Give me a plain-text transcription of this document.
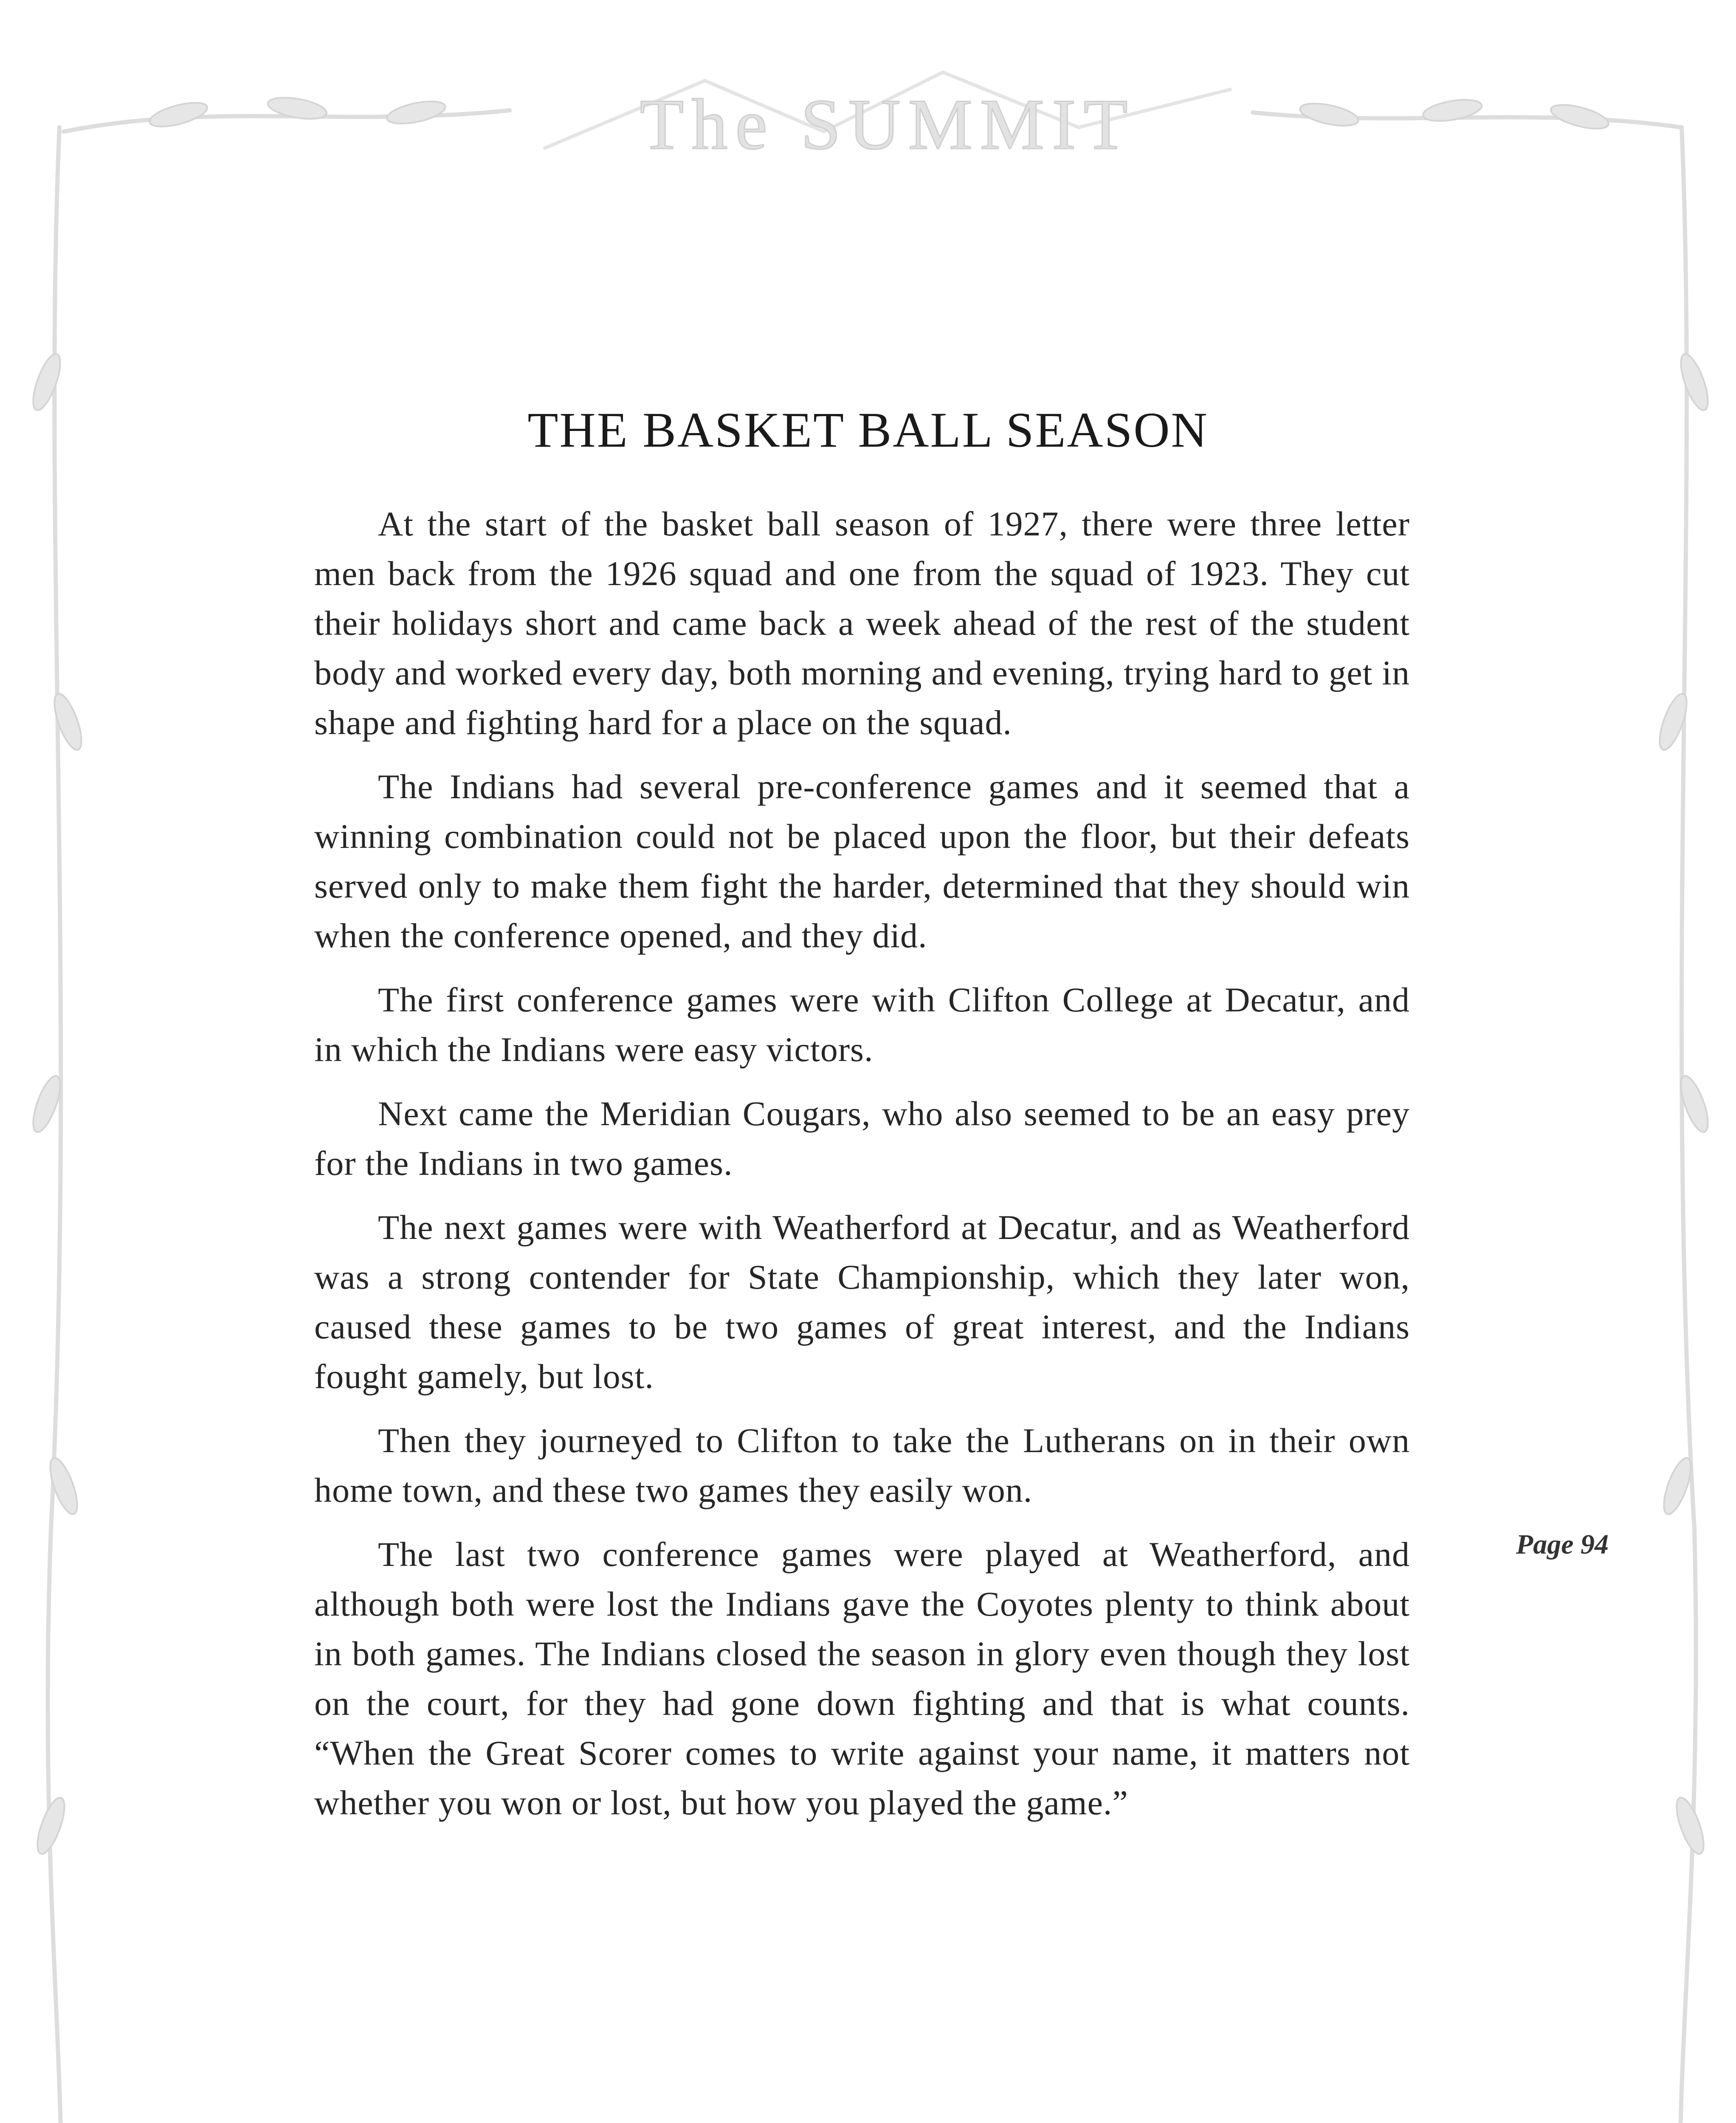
The SUMMIT
THE BASKET BALL SEASON

At the start of the basket ball season of 1927, there were three letter men back from the 1926 squad and one from the squad of 1923. They cut their holidays short and came back a week ahead of the rest of the student body and worked every day, both morning and evening, trying hard to get in shape and fighting hard for a place on the squad.

The Indians had several pre-conference games and it seemed that a winning combination could not be placed upon the floor, but their defeats served only to make them fight the harder, determined that they should win when the conference opened, and they did.

The first conference games were with Clifton College at Decatur, and in which the Indians were easy victors.

Next came the Meridian Cougars, who also seemed to be an easy prey for the Indians in two games.

The next games were with Weatherford at Decatur, and as Weatherford was a strong contender for State Championship, which they later won, caused these games to be two games of great interest, and the Indians fought gamely, but lost.

Then they journeyed to Clifton to take the Lutherans on in their own home town, and these two games they easily won.

The last two conference games were played at Weatherford, and although both were lost the Indians gave the Coyotes plenty to think about in both games. The Indians closed the season in glory even though they lost on the court, for they had gone down fighting and that is what counts. “When the Great Scorer comes to write against your name, it matters not whether you won or lost, but how you played the game.”

Page 94
